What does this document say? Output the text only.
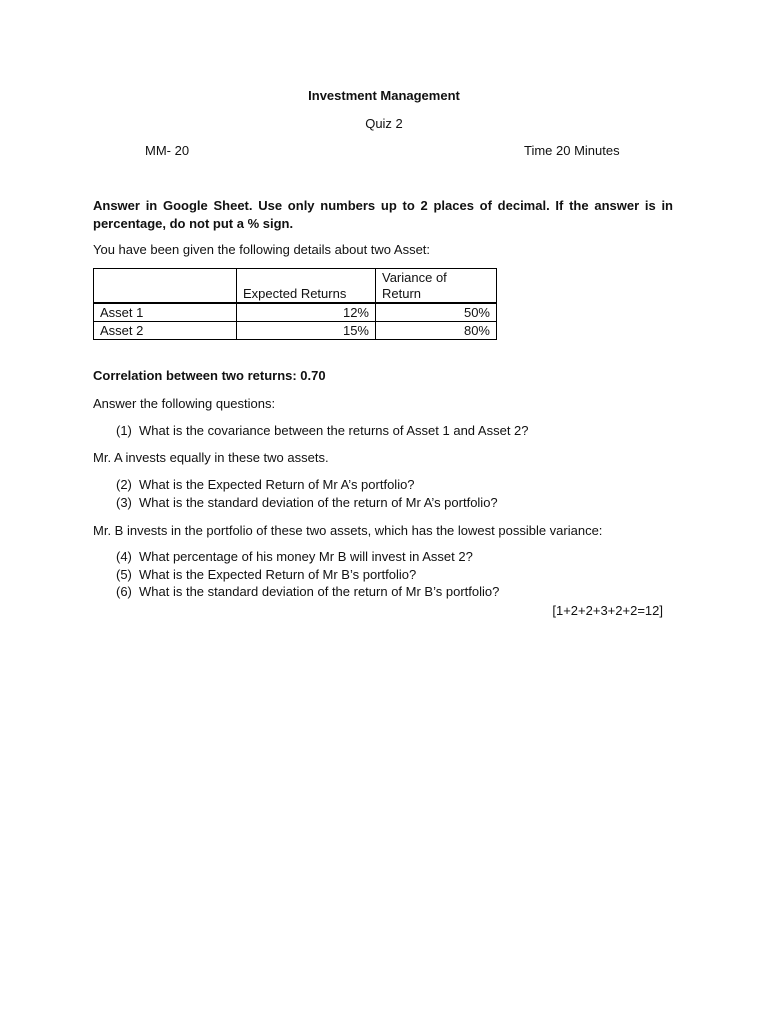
Investment Management
Quiz 2
MM- 20	Time 20 Minutes
Answer in Google Sheet. Use only numbers up to 2 places of decimal. If the answer is in percentage, do not put a % sign.
You have been given the following details about two Asset:
	Expected Returns	Variance of Return
Asset 1	12%	50%
Asset 2	15%	80%
Correlation between two returns: 0.70
Answer the following questions:
(1) What is the covariance between the returns of Asset 1 and Asset 2?
Mr. A invests equally in these two assets.
(2) What is the Expected Return of Mr A’s portfolio?
(3) What is the standard deviation of the return of Mr A’s portfolio?
Mr. B invests in the portfolio of these two assets, which has the lowest possible variance:
(4) What percentage of his money Mr B will invest in Asset 2?
(5) What is the Expected Return of Mr B’s portfolio?
(6) What is the standard deviation of the return of Mr B’s portfolio?
[1+2+2+3+2+2=12]
